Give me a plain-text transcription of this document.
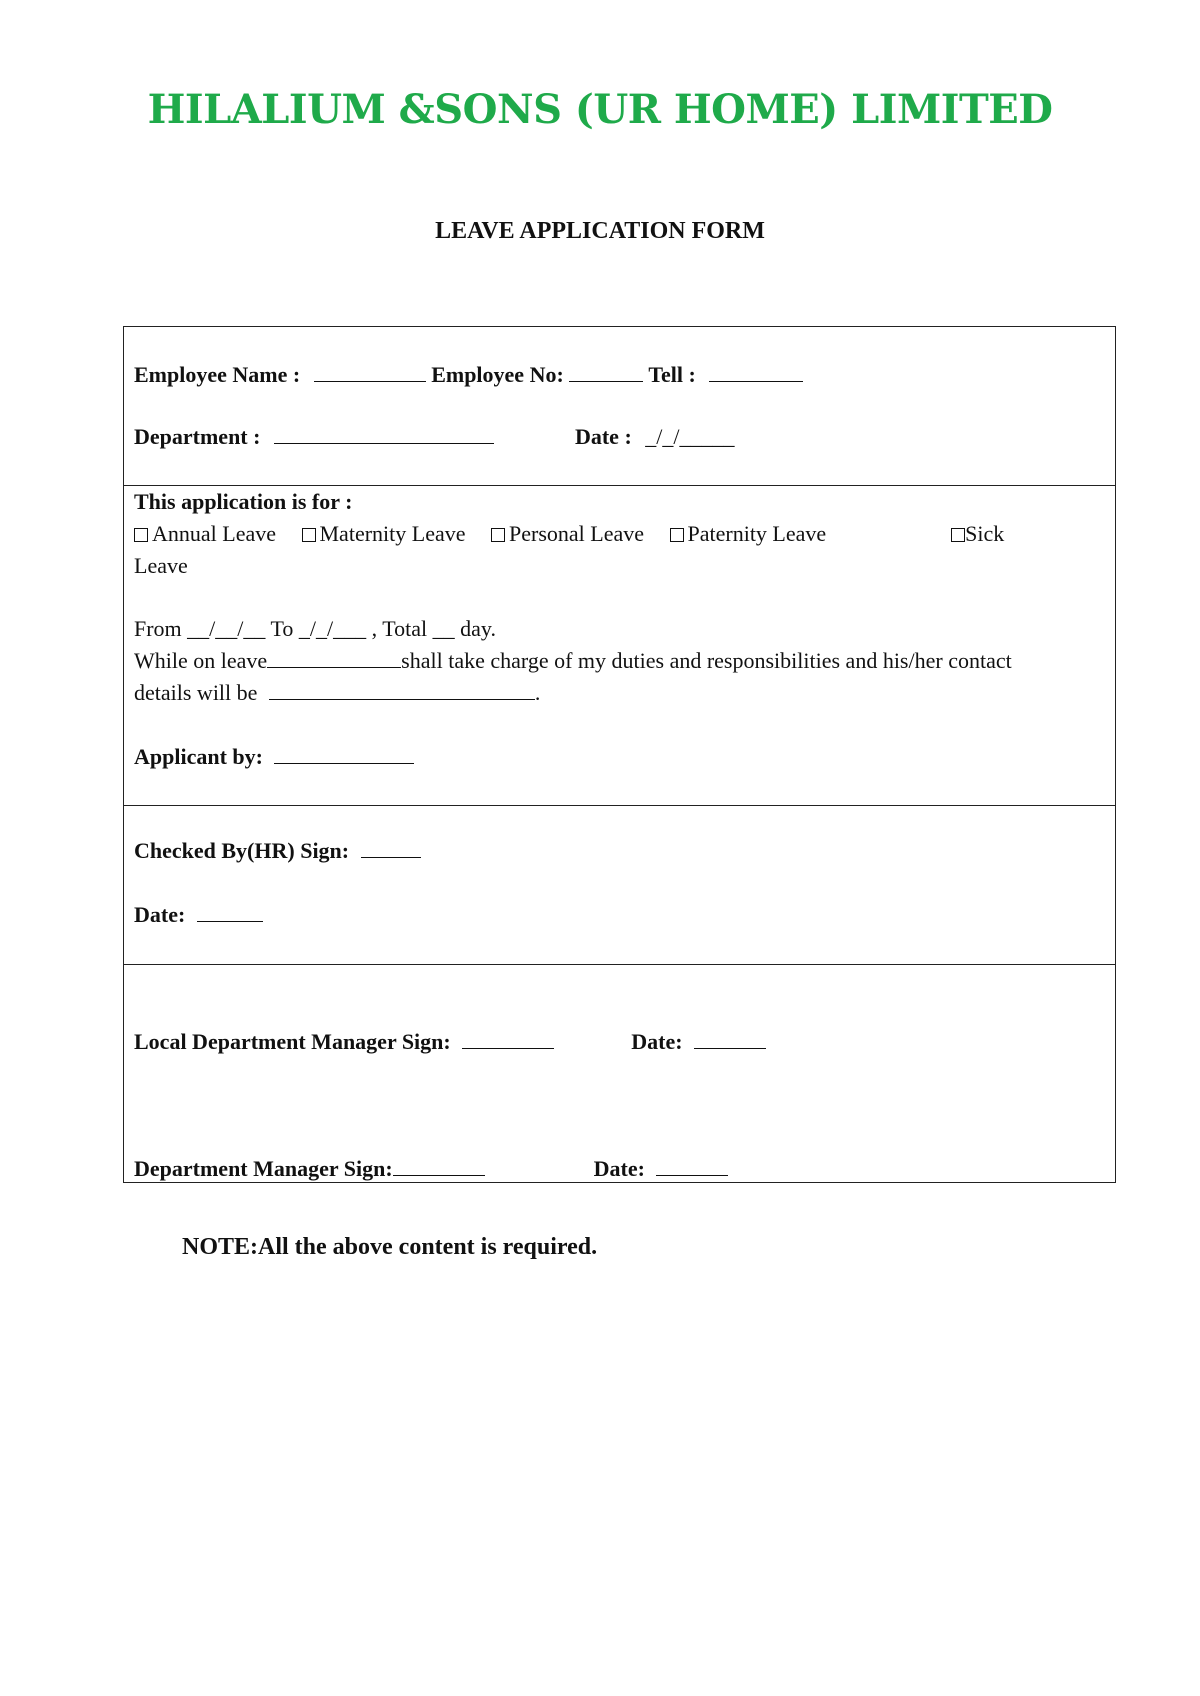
HILALIUM &SONS (UR HOME) LIMITED
LEAVE APPLICATION FORM
Employee Name :	Employee No:	Tell :
Department :	Date : _/_/_____
This application is for :
Annual Leave Maternity Leave Personal Leave Paternity Leave	Sick
Leave
From __/__/__ To _/_/___ , Total __ day.
While on leave	shall take charge of my duties and responsibilities and his/her contact
details will be	.
Applicant by:
Checked By(HR) Sign:
Date:
Local Department Manager Sign:	Date:
Department Manager Sign:	Date:
NOTE:All the above content is required.
